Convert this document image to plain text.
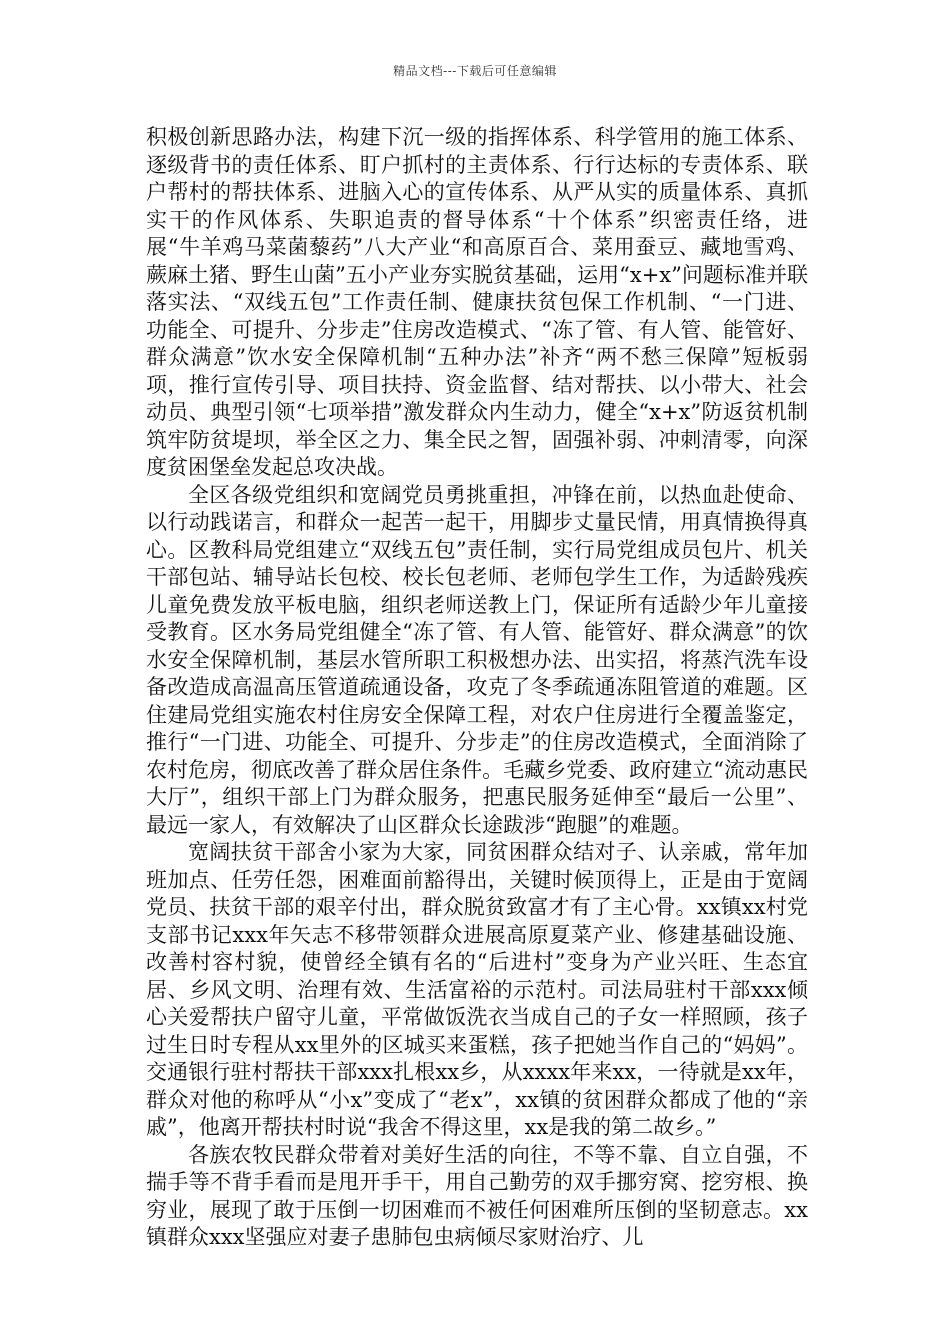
精品文档---下载后可任意编辑

积极创新思路办法，构建下沉一级的指挥体系、科学管用的施工体系、逐级背书的责任体系、盯户抓村的主责体系、行行达标的专责体系、联户帮村的帮扶体系、进脑入心的宣传体系、从严从实的质量体系、真抓实干的作风体系、失职追责的督导体系“十个体系”织密责任络，进展“牛羊鸡马菜菌藜药”八大产业“和高原百合、菜用蚕豆、藏地雪鸡、蕨麻土猪、野生山菌”五小产业夯实脱贫基础，运用“x+x”问题标准并联落实法、“双线五包”工作责任制、健康扶贫包保工作机制、“一门进、功能全、可提升、分步走”住房改造模式、“冻了管、有人管、能管好、群众满意”饮水安全保障机制“五种办法”补齐“两不愁三保障”短板弱项，推行宣传引导、项目扶持、资金监督、结对帮扶、以小带大、社会动员、典型引领“七项举措”激发群众内生动力，健全“x+x”防返贫机制筑牢防贫堤坝，举全区之力、集全民之智，固强补弱、冲刺清零，向深度贫困堡垒发起总攻决战。

全区各级党组织和宽阔党员勇挑重担，冲锋在前，以热血赴使命、以行动践诺言，和群众一起苦一起干，用脚步丈量民情，用真情换得真心。区教科局党组建立“双线五包”责任制，实行局党组成员包片、机关干部包站、辅导站长包校、校长包老师、老师包学生工作，为适龄残疾儿童免费发放平板电脑，组织老师送教上门，保证所有适龄少年儿童接受教育。区水务局党组健全“冻了管、有人管、能管好、群众满意”的饮水安全保障机制，基层水管所职工积极想办法、出实招，将蒸汽洗车设备改造成高温高压管道疏通设备，攻克了冬季疏通冻阻管道的难题。区住建局党组实施农村住房安全保障工程，对农户住房进行全覆盖鉴定，推行“一门进、功能全、可提升、分步走”的住房改造模式，全面消除了农村危房，彻底改善了群众居住条件。毛藏乡党委、政府建立“流动惠民大厅”，组织干部上门为群众服务，把惠民服务延伸至“最后一公里”、最远一家人，有效解决了山区群众长途跋涉“跑腿”的难题。

宽阔扶贫干部舍小家为大家，同贫困群众结对子、认亲戚，常年加班加点、任劳任怨，困难面前豁得出，关键时候顶得上，正是由于宽阔党员、扶贫干部的艰辛付出，群众脱贫致富才有了主心骨。xx镇xx村党支部书记xxx年矢志不移带领群众进展高原夏菜产业、修建基础设施、改善村容村貌，使曾经全镇有名的“后进村”变身为产业兴旺、生态宜居、乡风文明、治理有效、生活富裕的示范村。司法局驻村干部xxx倾心关爱帮扶户留守儿童，平常做饭洗衣当成自己的子女一样照顾，孩子过生日时专程从xx里外的区城买来蛋糕，孩子把她当作自己的“妈妈”。交通银行驻村帮扶干部xxx扎根xx乡，从xxxx年来xx，一待就是xx年，群众对他的称呼从“小x”变成了“老x”，xx镇的贫困群众都成了他的“亲戚”，他离开帮扶村时说“我舍不得这里，xx是我的第二故乡。”

各族农牧民群众带着对美好生活的向往，不等不靠、自立自强，不揣手等不背手看而是甩开手干，用自己勤劳的双手挪穷窝、挖穷根、换穷业，展现了敢于压倒一切困难而不被任何困难所压倒的坚韧意志。xx镇群众xxx坚强应对妻子患肺包虫病倾尽家财治疗、儿
